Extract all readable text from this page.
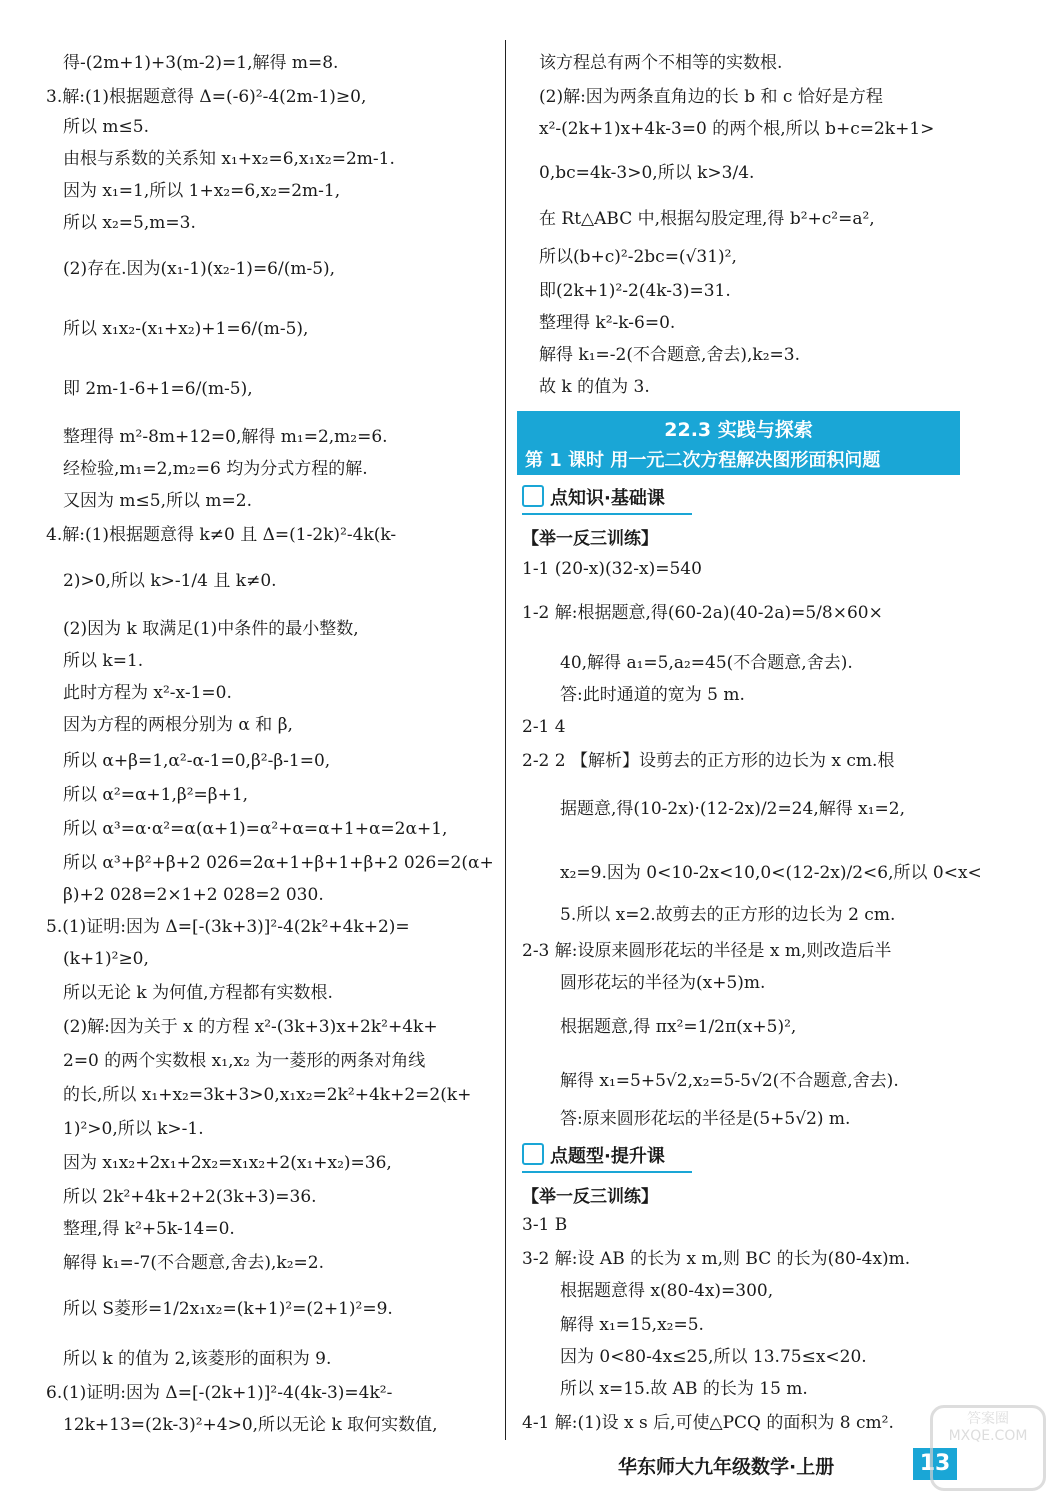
得-(2m+1)+3(m-2)=1,解得 m=8.
3.解:(1)根据题意得 Δ=(-6)²-4(2m-1)≥0,
所以 m≤5.
由根与系数的关系知 x₁+x₂=6,x₁x₂=2m-1.
因为 x₁=1,所以 1+x₂=6,x₂=2m-1,
所以 x₂=5,m=3.
(2)存在.因为(x₁-1)(x₂-1)=6/(m-5),
所以 x₁x₂-(x₁+x₂)+1=6/(m-5),
即 2m-1-6+1=6/(m-5),
整理得 m²-8m+12=0,解得 m₁=2,m₂=6.
经检验,m₁=2,m₂=6 均为分式方程的解.
又因为 m≤5,所以 m=2.
4.解:(1)根据题意得 k≠0 且 Δ=(1-2k)²-4k(k-
2)>0,所以 k>-1/4 且 k≠0.
(2)因为 k 取满足(1)中条件的最小整数,
所以 k=1.
此时方程为 x²-x-1=0.
因为方程的两根分别为 α 和 β,
所以 α+β=1,α²-α-1=0,β²-β-1=0,
所以 α²=α+1,β²=β+1,
所以 α³=α·α²=α(α+1)=α²+α=α+1+α=2α+1,
所以 α³+β²+β+2 026=2α+1+β+1+β+2 026=2(α+
β)+2 028=2×1+2 028=2 030.
5.(1)证明:因为 Δ=[-(3k+3)]²-4(2k²+4k+2)=
(k+1)²≥0,
所以无论 k 为何值,方程都有实数根.
(2)解:因为关于 x 的方程 x²-(3k+3)x+2k²+4k+
2=0 的两个实数根 x₁,x₂ 为一菱形的两条对角线
的长,所以 x₁+x₂=3k+3>0,x₁x₂=2k²+4k+2=2(k+
1)²>0,所以 k>-1.
因为 x₁x₂+2x₁+2x₂=x₁x₂+2(x₁+x₂)=36,
所以 2k²+4k+2+2(3k+3)=36.
整理,得 k²+5k-14=0.
解得 k₁=-7(不合题意,舍去),k₂=2.
所以 S菱形=1/2x₁x₂=(k+1)²=(2+1)²=9.
所以 k 的值为 2,该菱形的面积为 9.
6.(1)证明:因为 Δ=[-(2k+1)]²-4(4k-3)=4k²-
12k+13=(2k-3)²+4>0,所以无论 k 取何实数值,
该方程总有两个不相等的实数根.
(2)解:因为两条直角边的长 b 和 c 恰好是方程
x²-(2k+1)x+4k-3=0 的两个根,所以 b+c=2k+1>
0,bc=4k-3>0,所以 k>3/4.
在 Rt△ABC 中,根据勾股定理,得 b²+c²=a²,
所以(b+c)²-2bc=(√31)²,
即(2k+1)²-2(4k-3)=31.
整理得 k²-k-6=0.
解得 k₁=-2(不合题意,舍去),k₂=3.
故 k 的值为 3.
1-1 (20-x)(32-x)=540
1-2 解:根据题意,得(60-2a)(40-2a)=5/8×60×
40,解得 a₁=5,a₂=45(不合题意,舍去).
答:此时通道的宽为 5 m.
2-1 4
2-2 2 【解析】设剪去的正方形的边长为 x cm.根
据题意,得(10-2x)·(12-2x)/2=24,解得 x₁=2,
x₂=9.因为 0<10-2x<10,0<(12-2x)/2<6,所以 0<x<
5.所以 x=2.故剪去的正方形的边长为 2 cm.
2-3 解:设原来圆形花坛的半径是 x m,则改造后半
圆形花坛的半径为(x+5)m.
根据题意,得 πx²=1/2π(x+5)²,
解得 x₁=5+5√2,x₂=5-5√2(不合题意,舍去).
答:原来圆形花坛的半径是(5+5√2) m.
3-1 B
3-2 解:设 AB 的长为 x m,则 BC 的长为(80-4x)m.
根据题意得 x(80-4x)=300,
解得 x₁=15,x₂=5.
因为 0<80-4x≤25,所以 13.75≤x<20.
所以 x=15.故 AB 的长为 15 m.
4-1 解:(1)设 x s 后,可使△PCQ 的面积为 8 cm².
22.3 实践与探索
第 1 课时 用一元二次方程解决图形面积问题
点知识·基础课
【举一反三训练】
点题型·提升课
【举一反三训练】
华东师大九年级数学·上册	13
答案圈 MXQE.COM
